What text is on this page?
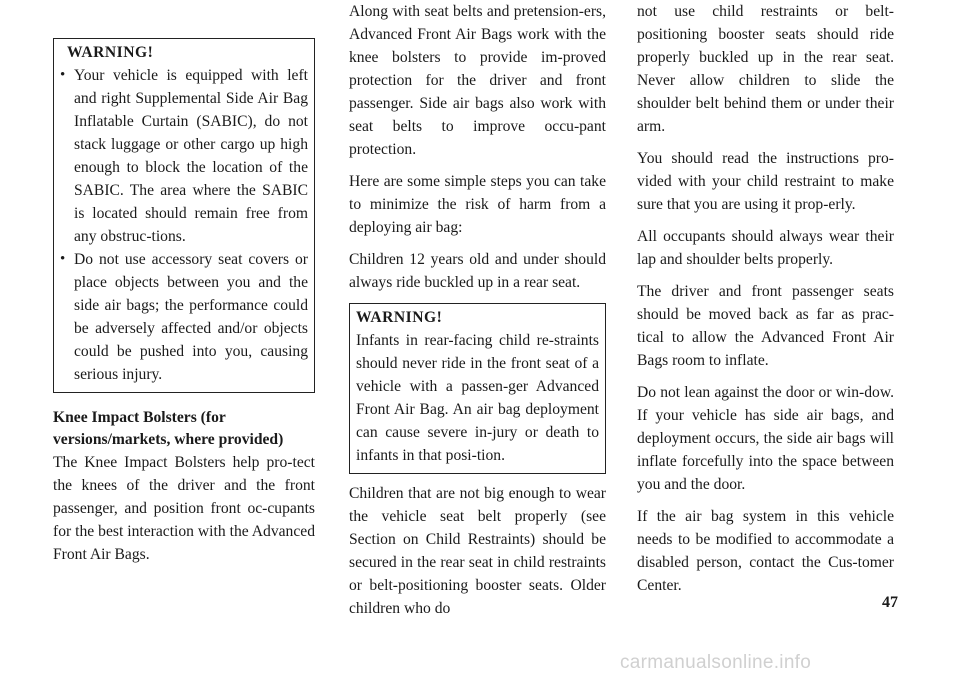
WARNING!
• Your vehicle is equipped with left and right Supplemental Side Air Bag Inflatable Curtain (SABIC), do not stack luggage or other cargo up high enough to block the location of the SABIC. The area where the SABIC is located should remain free from any obstruc-tions.
• Do not use accessory seat covers or place objects between you and the side air bags; the performance could be adversely affected and/or objects could be pushed into you, causing serious injury.
Knee Impact Bolsters (for versions/markets, where provided)

The Knee Impact Bolsters help pro-tect the knees of the driver and the front passenger, and position front oc-cupants for the best interaction with the Advanced Front Air Bags.

Along with seat belts and pretension-ers, Advanced Front Air Bags work with the knee bolsters to provide im-proved protection for the driver and front passenger. Side air bags also work with seat belts to improve occu-pant protection.

Here are some simple steps you can take to minimize the risk of harm from a deploying air bag:

Children 12 years old and under should always ride buckled up in a rear seat.

WARNING!

Infants in rear-facing child re-straints should never ride in the front seat of a vehicle with a passen-ger Advanced Front Air Bag. An air bag deployment can cause severe in-jury or death to infants in that posi-tion.

Children that are not big enough to wear the vehicle seat belt properly (see Section on Child Restraints) should be secured in the rear seat in child restraints or belt-positioning booster seats. Older children who do

not use child restraints or belt-positioning booster seats should ride properly buckled up in the rear seat. Never allow children to slide the shoulder belt behind them or under their arm.

You should read the instructions pro-vided with your child restraint to make sure that you are using it prop-erly.

All occupants should always wear their lap and shoulder belts properly.

The driver and front passenger seats should be moved back as far as prac-tical to allow the Advanced Front Air Bags room to inflate.

Do not lean against the door or win-dow. If your vehicle has side air bags, and deployment occurs, the side air bags will inflate forcefully into the space between you and the door.

If the air bag system in this vehicle needs to be modified to accommodate a disabled person, contact the Cus-tomer Center.

47
carmanualsonline.info
